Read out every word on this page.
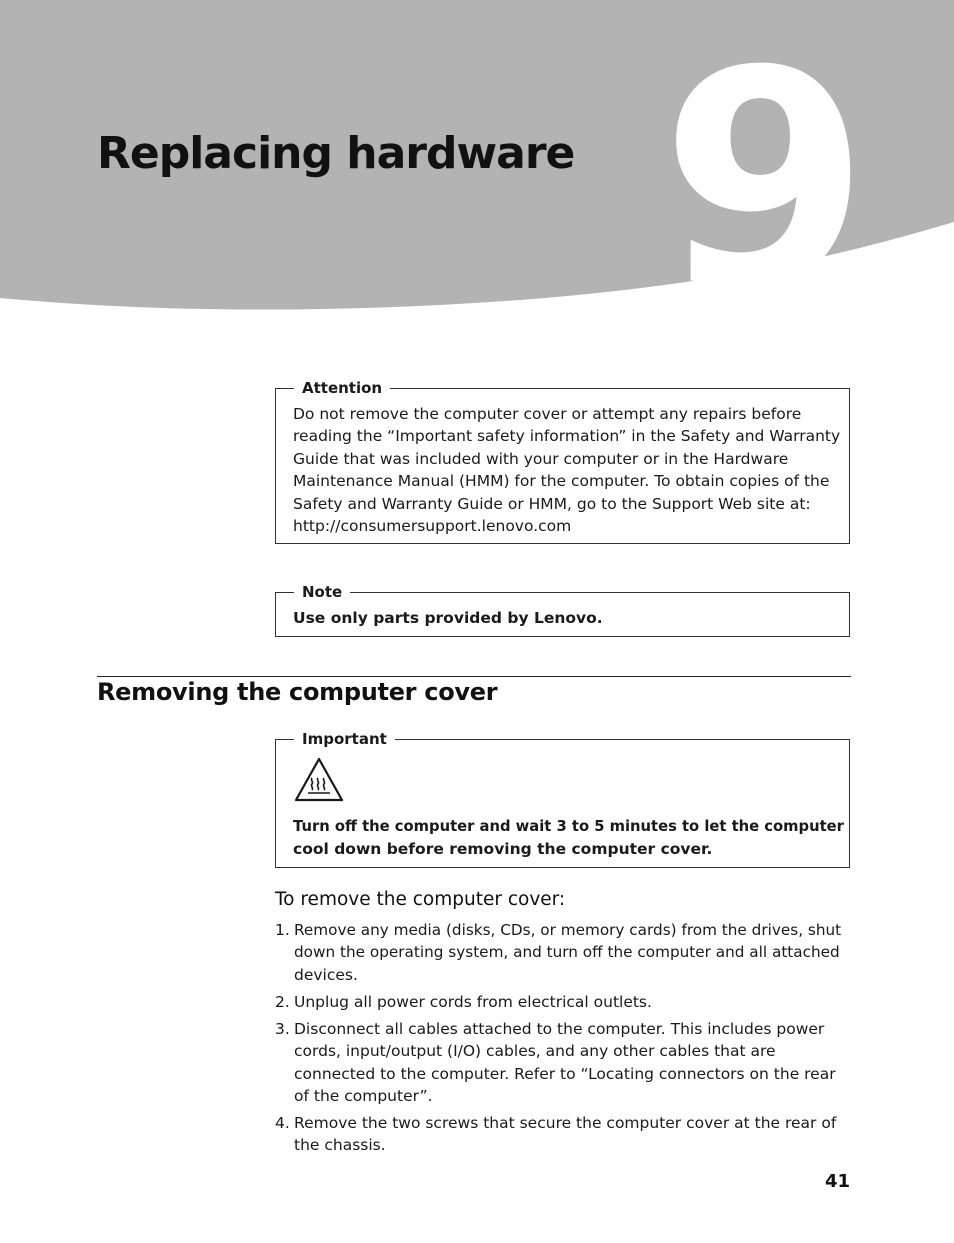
9
Replacing hardware
Attention
Do not remove the computer cover or attempt any repairs before
reading the “Important safety information” in the Safety and Warranty
Guide that was included with your computer or in the Hardware
Maintenance Manual (HMM) for the computer. To obtain copies of the
Safety and Warranty Guide or HMM, go to the Support Web site at:
http://consumersupport.lenovo.com
Note
Use only parts provided by Lenovo.
Removing the computer cover
Important
Turn off the computer and wait 3 to 5 minutes to let the computer
cool down before removing the computer cover.
To remove the computer cover:
1. Remove any media (disks, CDs, or memory cards) from the drives, shut
down the operating system, and turn off the computer and all attached
devices.
2. Unplug all power cords from electrical outlets.
3. Disconnect all cables attached to the computer. This includes power
cords, input/output (I/O) cables, and any other cables that are
connected to the computer. Refer to “Locating connectors on the rear
of the computer”.
4. Remove the two screws that secure the computer cover at the rear of
the chassis.
41
